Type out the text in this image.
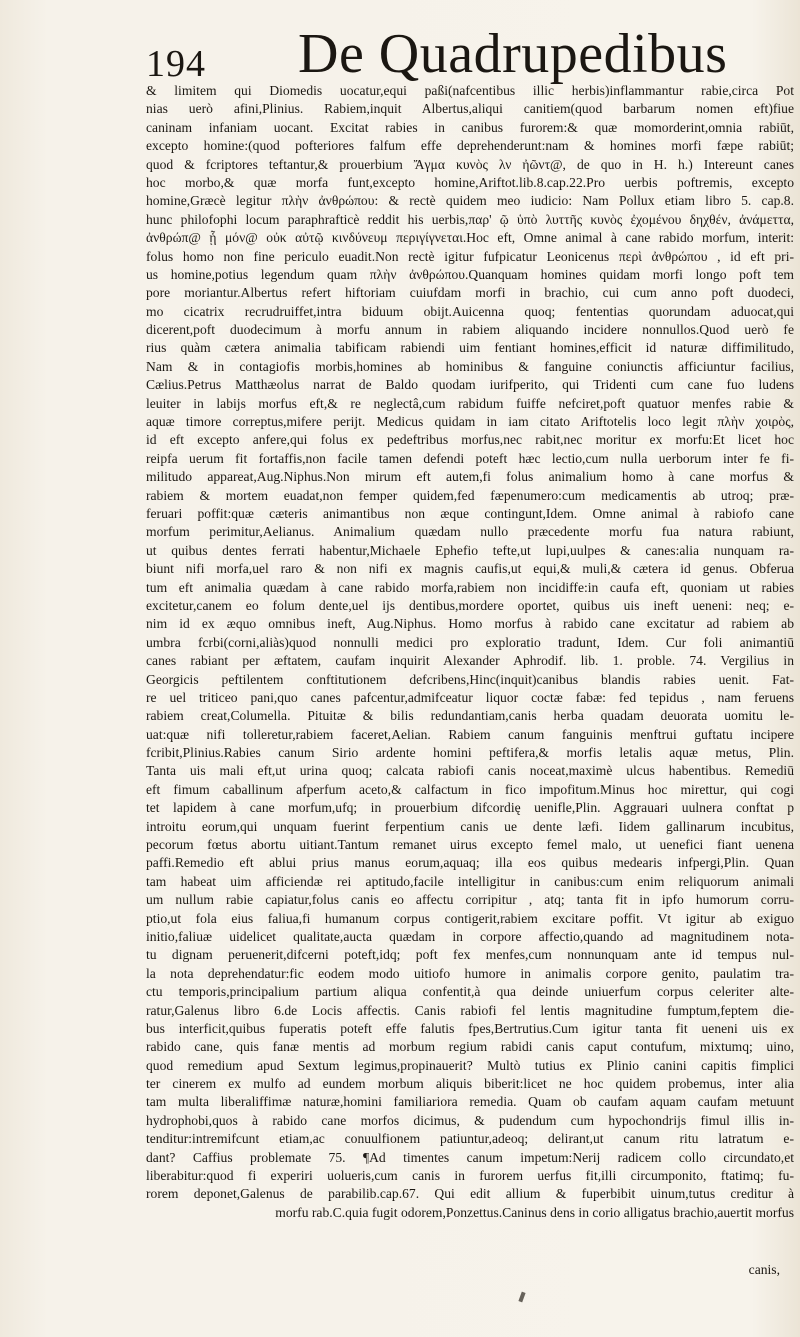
194 De Quadrupedibus
& limitem qui Diomedis uocatur,equi paßi(nafcentibus illic herbis)inflammantur rabie,circa Pot
nias uerò afini,Plinius. Rabiem,inquit Albertus,aliqui canitiem(quod barbarum nomen eft)fiue
caninam infaniam uocant. Excitat rabies in canibus furorem:& quæ momorderint,omnia rabiūt,
excepto homine:(quod pofteriores falfum effe deprehenderunt:nam & homines morfi fæpe rabiūt;
quod & fcriptores teftantur,& prouerbium Ἄγμα κυνὸς λν ἠῶντ@, de quo in H. h.) Intereunt canes
hoc morbo,& quæ morfa funt,excepto homine,Ariftot.lib.8.cap.22.Pro uerbis poftremis, excepto
homine,Græcè legitur πλὴν ἀνθρώπου: & rectè quidem meo iudicio: Nam Pollux etiam libro 5. cap.8.
hunc philofophi locum paraphrafticè reddit his uerbis,παρ' ῷ ὑπὸ λυττῆς κυνὸς ἐχομένου δηχθέν, ἀνάμεττα,
ἀνθρώπ@ ᾗ μόν@ οὐκ αὐτῷ κινδύνευμ περιγίγνεται.Hoc eft, Omne animal à cane rabido morfum, interit:
folus homo non fine periculo euadit.Non rectè igitur fufpicatur Leonicenus περὶ ἀνθρώπου , id eft pri-
us homine,potius legendum quam πλὴν ἀνθρώπου.Quanquam homines quidam morfi longo poft tem
pore moriantur.Albertus refert hiftoriam cuiufdam morfi in brachio, cui cum anno poft duodeci,
mo cicatrix recrudruiffet,intra biduum obijt.Auicenna quoq; fententias quorundam aduocat,qui
dicerent,poft duodecimum à morfu annum in rabiem aliquando incidere nonnullos.Quod uerò fe
rius quàm cætera animalia tabificam rabiendi uim fentiant homines,efficit id naturæ diffimilitudo,
Nam & in contagiofis morbis,homines ab hominibus & fanguine coniunctis afficiuntur facilius,
Cælius.Petrus Matthæolus narrat de Baldo quodam iurifperito, qui Tridenti cum cane fuo ludens
leuiter in labijs morfus eft,& re neglectâ,cum rabidum fuiffe nefciret,poft quatuor menfes rabie &
aquæ timore correptus,mifere perijt. Medicus quidam in iam citato Ariftotelis loco legit πλὴν χοιρὸς,
id eft excepto anfere,qui folus ex pedeftribus morfus,nec rabit,nec moritur ex morfu:Et licet hoc
reipfa uerum fit fortaffis,non facile tamen defendi poteft hæc lectio,cum nulla uerborum inter fe fi-
militudo appareat,Aug.Niphus.Non mirum eft autem,fi folus animalium homo à cane morfus &
rabiem & mortem euadat,non femper quidem,fed fæpenumero:cum medicamentis ab utroq; præ-
feruari poffit:quæ cæteris animantibus non æque contingunt,Idem. Omne animal à rabiofo cane
morfum perimitur,Aelianus. Animalium quædam nullo præcedente morfu fua natura rabiunt,
ut quibus dentes ferrati habentur,Michaele Ephefio tefte,ut lupi,uulpes & canes:alia nunquam ra-
biunt nifi morfa,uel raro & non nifi ex magnis caufis,ut equi,& muli,& cætera id genus. Obferua
tum eft animalia quædam à cane rabido morfa,rabiem non incidiffe:in caufa eft, quoniam ut rabies
excitetur,canem eo folum dente,uel ijs dentibus,mordere oportet, quibus uis ineft ueneni: neq; e-
nim id ex æquo omnibus ineft, Aug.Niphus. Homo morfus à rabido cane excitatur ad rabiem ab
umbra fcrbi(corni,aliàs)quod nonnulli medici pro exploratio tradunt, Idem. Cur foli animantiū
canes rabiant per æftatem, caufam inquirit Alexander Aphrodif. lib. 1. proble. 74. Vergilius in
Georgicis peftilentem conftitutionem defcribens,Hinc(inquit)canibus blandis rabies uenit. Fat-
re uel triticeo pani,quo canes pafcentur,admifceatur liquor coctæ fabæ: fed tepidus , nam feruens
rabiem creat,Columella. Pituitæ & bilis redundantiam,canis herba quadam deuorata uomitu le-
uat:quæ nifi tolleretur,rabiem faceret,Aelian. Rabiem canum fanguinis menftrui guftatu incipere
fcribit,Plinius.Rabies canum Sirio ardente homini peftifera,& morfis letalis aquæ metus, Plin.
Tanta uis mali eft,ut urina quoq; calcata rabiofi canis noceat,maximè ulcus habentibus. Remediū
eft fimum caballinum afperfum aceto,& calfactum in fico impofitum.Minus hoc mirettur, qui cogi
tet lapidem à cane morfum,ufq; in prouerbium difcordię uenifle,Plin. Aggrauari uulnera conftat p
introitu eorum,qui unquam fuerint ferpentium canis ue dente læfi. Iidem gallinarum incubitus,
pecorum fœtus abortu uitiant.Tantum remanet uirus excepto femel malo, ut uenefici fiant uenena
paffi.Remedio eft ablui prius manus eorum,aquaq; illa eos quibus medearis infpergi,Plin. Quan
tam habeat uim afficiendæ rei aptitudo,facile intelligitur in canibus:cum enim reliquorum animali
um nullum rabie capiatur,folus canis eo affectu corripitur , atq; tanta fit in ipfo humorum corru-
ptio,ut fola eius faliua,fi humanum corpus contigerit,rabiem excitare poffit. Vt igitur ab exiguo
initio,faliuæ uidelicet qualitate,aucta quædam in corpore affectio,quando ad magnitudinem nota-
tu dignam peruenerit,difcerni poteft,idq; poft fex menfes,cum nonnunquam ante id tempus nul-
la nota deprehendatur:fic eodem modo uitiofo humore in animalis corpore genito, paulatim tra-
ctu temporis,principalium partium aliqua confentit,à qua deinde uniuerfum corpus celeriter alte-
ratur,Galenus libro 6.de Locis affectis. Canis rabiofi fel lentis magnitudine fumptum,feptem die-
bus interficit,quibus fuperatis poteft effe falutis fpes,Bertrutius.Cum igitur tanta fit ueneni uis ex
rabido cane, quis fanæ mentis ad morbum regium rabidi canis caput contufum, mixtumq; uino,
quod remedium apud Sextum legimus,propinauerit? Multò tutius ex Plinio canini capitis fimplici
ter cinerem ex mulfo ad eundem morbum aliquis biberit:licet ne hoc quidem probemus, inter alia
tam multa liberaliffimæ naturæ,homini familiariora remedia. Quam ob caufam aquam caufam metuunt
hydrophobi,quos à rabido cane morfos dicimus, & pudendum cum hypochondrijs fimul illis in-
tenditur:intremifcunt etiam,ac conuulfionem patiuntur,adeoq; delirant,ut canum ritu latratum e-
dant? Caffius problemate 75. ¶Ad timentes canum impetum:Nerij radicem collo circundato,et
liberabitur:quod fi experiri uolueris,cum canis in furorem uerfus fit,illi circumponito, ftatimq; fu-
rorem deponet,Galenus de parabilib.cap.67. Qui edit allium & fuperbibit uinum,tutus creditur à
morfu rab.C.quia fugit odorem,Ponzettus.Caninus dens in corio alligatus brachio,auertit morfus
canis,
